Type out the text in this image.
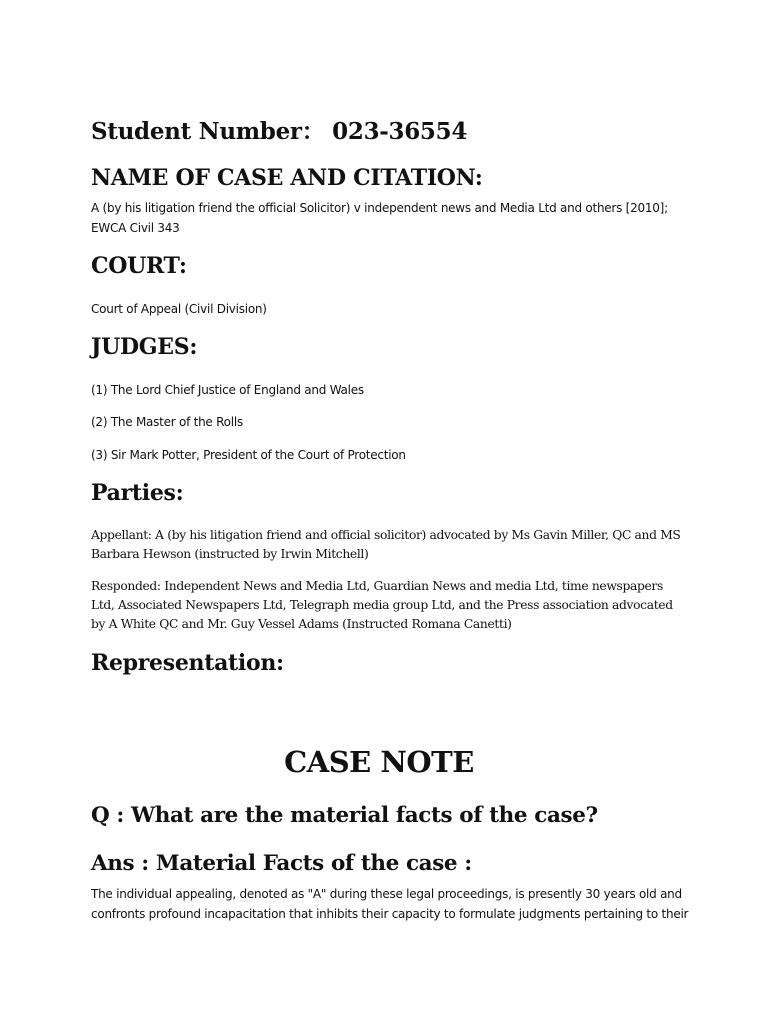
Student Number： 023-36554
NAME OF CASE AND CITATION:
A (by his litigation friend the official Solicitor) v independent news and Media Ltd and others [2010];
EWCA Civil 343
COURT:
Court of Appeal (Civil Division)
JUDGES:
(1) The Lord Chief Justice of England and Wales
(2) The Master of the Rolls
(3) Sir Mark Potter, President of the Court of Protection
Parties:
Appellant: A (by his litigation friend and official solicitor) advocated by Ms Gavin Miller, QC and MS
Barbara Hewson (instructed by Irwin Mitchell)
Responded: Independent News and Media Ltd, Guardian News and media Ltd, time newspapers
Ltd, Associated Newspapers Ltd, Telegraph media group Ltd, and the Press association advocated
by A White QC and Mr. Guy Vessel Adams (Instructed Romana Canetti)
Representation:
CASE NOTE
Q : What are the material facts of the case?
Ans : Material Facts of the case :
The individual appealing, denoted as "A" during these legal proceedings, is presently 30 years old and
confronts profound incapacitation that inhibits their capacity to formulate judgments pertaining to their
